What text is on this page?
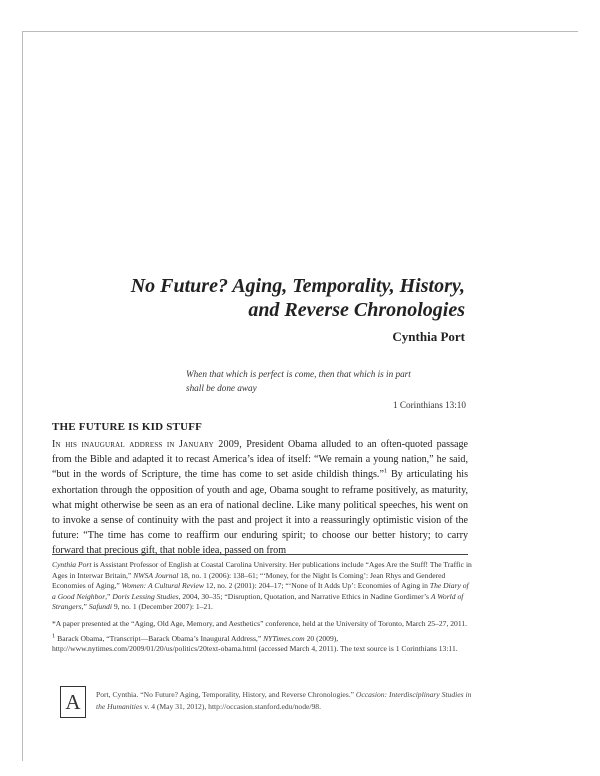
No Future? Aging, Temporality, History,
and Reverse Chronologies
Cynthia Port
When that which is perfect is come, then that which is in part
shall be done away
1 Corinthians 13:10
THE FUTURE IS KID STUFF
In his inaugural address in January 2009, President Obama alluded to an often-quoted passage from the Bible and adapted it to recast America’s idea of itself: “We remain a young nation,” he said, “but in the words of Scripture, the time has come to set aside childish things.”$^1$ By articulating his exhortation through the opposition of youth and age, Obama sought to reframe positively, as maturity, what might otherwise be seen as an era of national decline. Like many political speeches, his went on to invoke a sense of continuity with the past and project it into a reassuringly optimistic vision of the future: “The time has come to reaffirm our enduring spirit; to choose our better history; to carry forward that precious gift, that noble idea, passed on from

Cynthia Port is Assistant Professor of English at Coastal Carolina University. Her publications include “Ages Are the Stuff! The Traffic in Ages in Interwar Britain,” NWSA Journal 18, no. 1 (2006): 138–61; “‘Money, for the Night Is Coming’: Jean Rhys and Gendered Economies of Aging,” Women: A Cultural Review 12, no. 2 (2001): 204–17; “‘None of It Adds Up’: Economies of Aging in The Diary of a Good Neighbor,” Doris Lessing Studies, 2004, 30–35; “Disruption, Quotation, and Narrative Ethics in Nadine Gordimer’s A World of Strangers,” Safundi 9, no. 1 (December 2007): 1–21.

*A paper presented at the “Aging, Old Age, Memory, and Aesthetics” conference, held at the University of Toronto, March 25–27, 2011.

$^1$ Barack Obama, “Transcript—Barack Obama’s Inaugural Address,” NYTimes.com 20 (2009), http://www.nytimes.com/2009/01/20/us/politics/20text-obama.html (accessed March 4, 2011). The text source is 1 Corinthians 13:11.

A	Port, Cynthia. “No Future? Aging, Temporality, History, and Reverse Chronologies.” Occasion: Interdisciplinary Studies in the Humanities v. 4 (May 31, 2012), http://occasion.stanford.edu/node/98.
